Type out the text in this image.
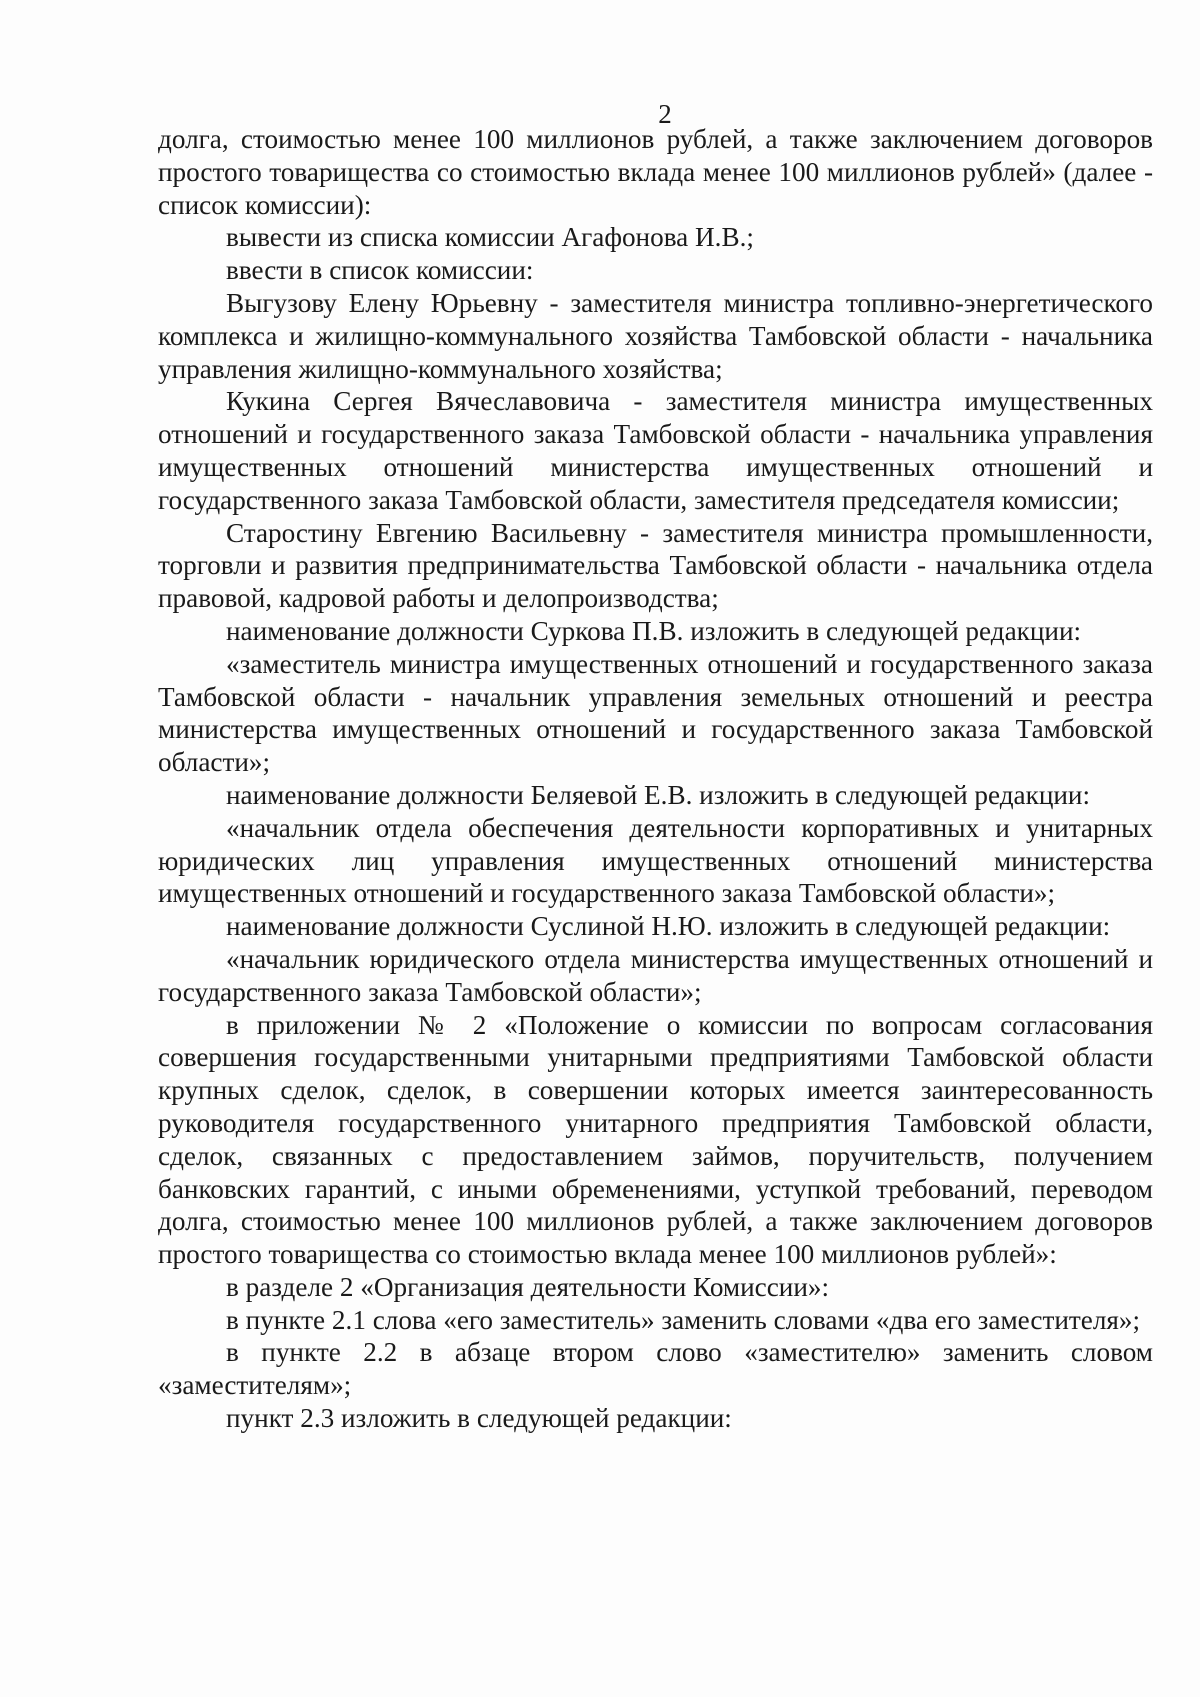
2

долга, стоимостью менее 100 миллионов рублей, а также заключением договоров простого товарищества со стоимостью вклада менее 100 миллионов рублей» (далее - список комиссии):

вывести из списка комиссии Агафонова И.В.;

ввести в список комиссии:

Выгузову Елену Юрьевну - заместителя министра топливно-энергетического комплекса и жилищно-коммунального хозяйства Тамбовской области - начальника управления жилищно-коммунального хозяйства;

Кукина Сергея Вячеславовича - заместителя министра имущественных отношений и государственного заказа Тамбовской области - начальника управления имущественных отношений министерства имущественных отношений и государственного заказа Тамбовской области, заместителя председателя комиссии;

Старостину Евгению Васильевну - заместителя министра промышленности, торговли и развития предпринимательства Тамбовской области - начальника отдела правовой, кадровой работы и делопроизводства;

наименование должности Суркова П.В. изложить в следующей редакции:

«заместитель министра имущественных отношений и государственного заказа Тамбовской области - начальник управления земельных отношений и реестра министерства имущественных отношений и государственного заказа Тамбовской области»;

наименование должности Беляевой Е.В. изложить в следующей редакции:

«начальник отдела обеспечения деятельности корпоративных и унитарных юридических лиц управления имущественных отношений министерства имущественных отношений и государственного заказа Тамбовской области»;

наименование должности Суслиной Н.Ю. изложить в следующей редакции:

«начальник юридического отдела министерства имущественных отношений и государственного заказа Тамбовской области»;

в приложении № 2 «Положение о комиссии по вопросам согласования совершения государственными унитарными предприятиями Тамбовской области крупных сделок, сделок, в совершении которых имеется заинтересованность руководителя государственного унитарного предприятия Тамбовской области, сделок, связанных с предоставлением займов, поручительств, получением банковских гарантий, с иными обременениями, уступкой требований, переводом долга, стоимостью менее 100 миллионов рублей, а также заключением договоров простого товарищества со стоимостью вклада менее 100 миллионов рублей»:

в разделе 2 «Организация деятельности Комиссии»:

в пункте 2.1 слова «его заместитель» заменить словами «два его заместителя»;

в пункте 2.2 в абзаце втором слово «заместителю» заменить словом «заместителям»;

пункт 2.3 изложить в следующей редакции:
